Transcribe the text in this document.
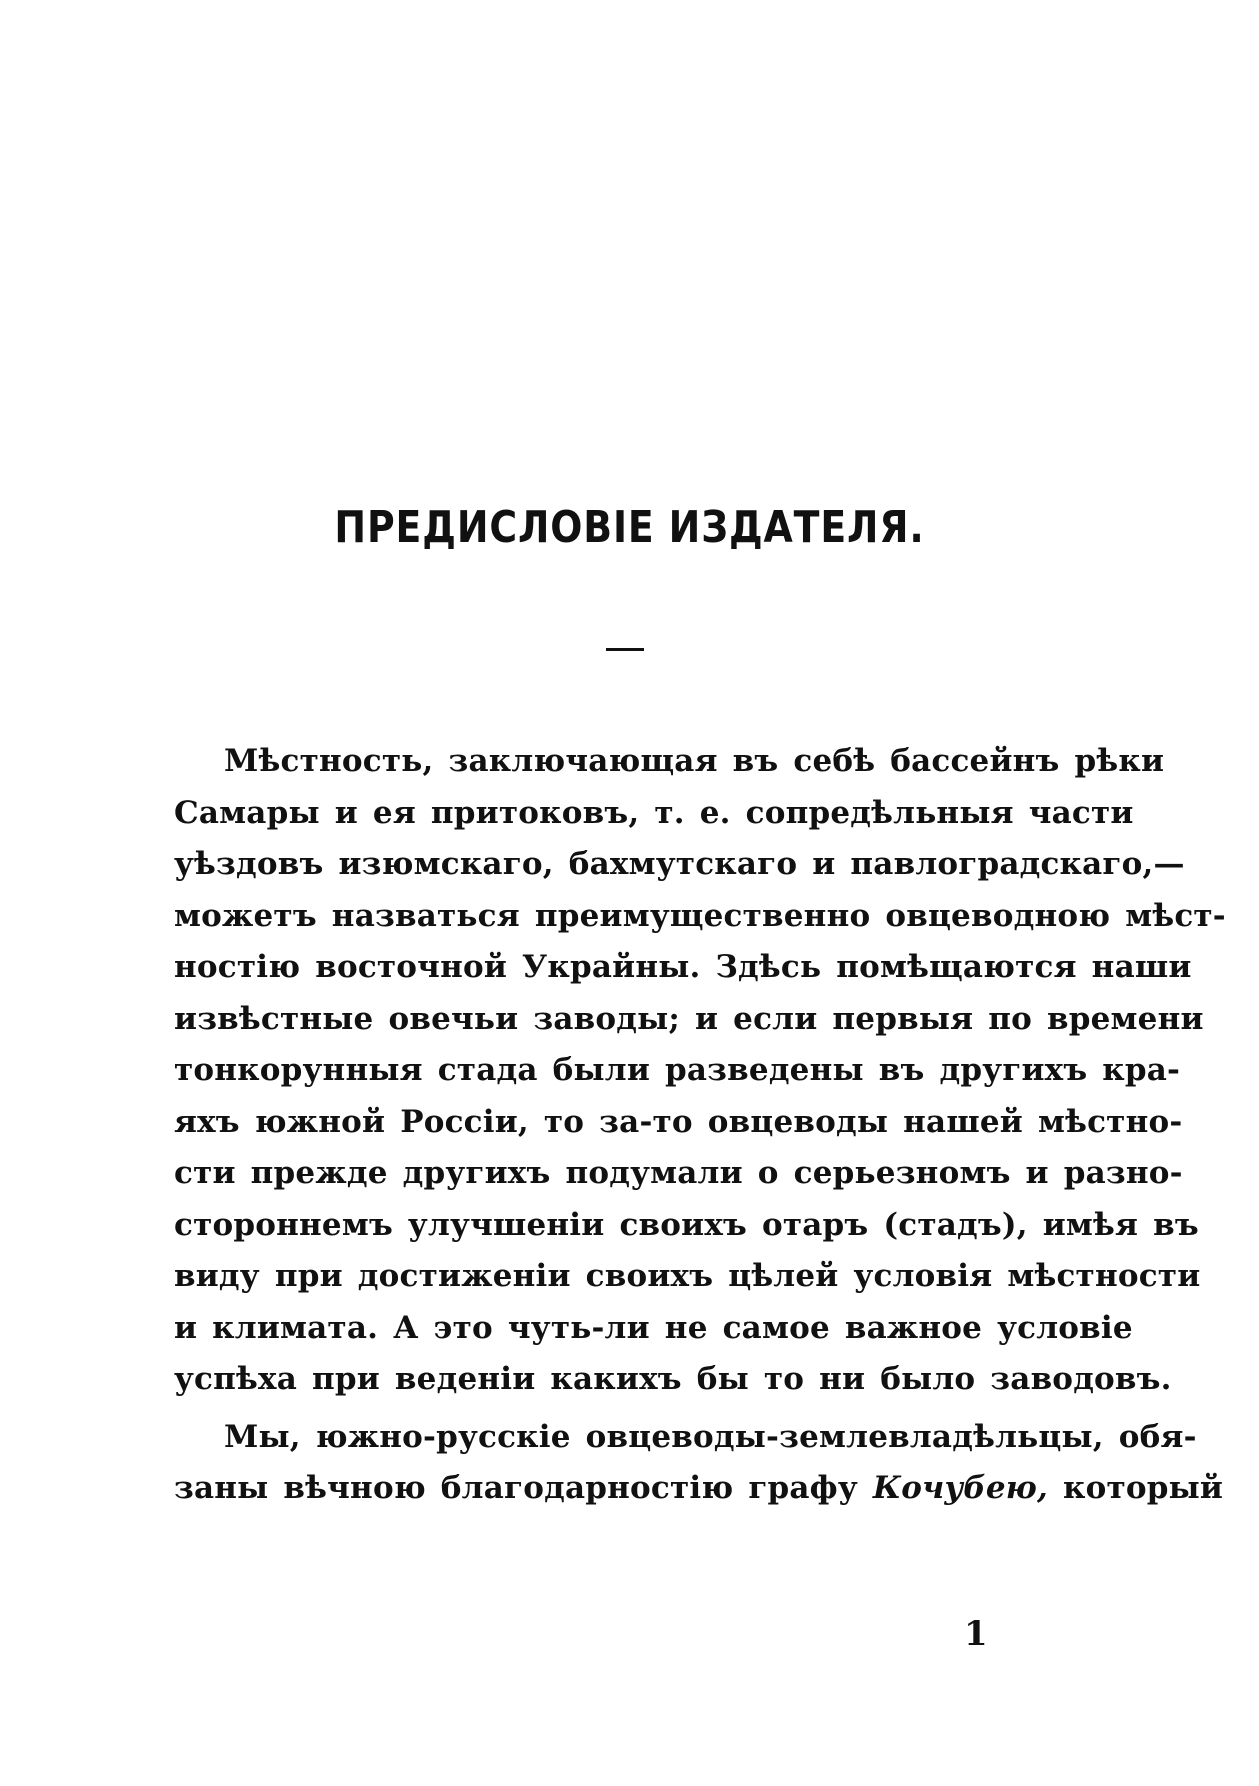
ПРЕДИСЛОВІЕ ИЗДАТЕЛЯ.
Мѣстность, заключающая въ себѣ бассейнъ рѣки
Самары и ея притоковъ, т. е. сопредѣльныя части
уѣздовъ изюмскаго, бахмутскаго и павлоградскаго,—
можетъ назваться преимущественно овцеводною мѣст-
ностію восточной Украйны. Здѣсь помѣщаются наши
извѣстные овечьи заводы; и если первыя по времени
тонкорунныя стада были разведены въ другихъ кра-
яхъ южной Россіи, то за-то овцеводы нашей мѣстно-
сти прежде другихъ подумали о серьезномъ и разно-
стороннемъ улучшеніи своихъ отаръ (стадъ), имѣя въ
виду при достиженіи своихъ цѣлей условія мѣстности
и климата. А это чуть-ли не самое важное условіе
успѣха при веденіи какихъ бы то ни было заводовъ.
Мы, южно-русскіе овцеводы-землевладѣльцы, обя-
заны вѣчною благодарностію графу Кочубею, который
1
